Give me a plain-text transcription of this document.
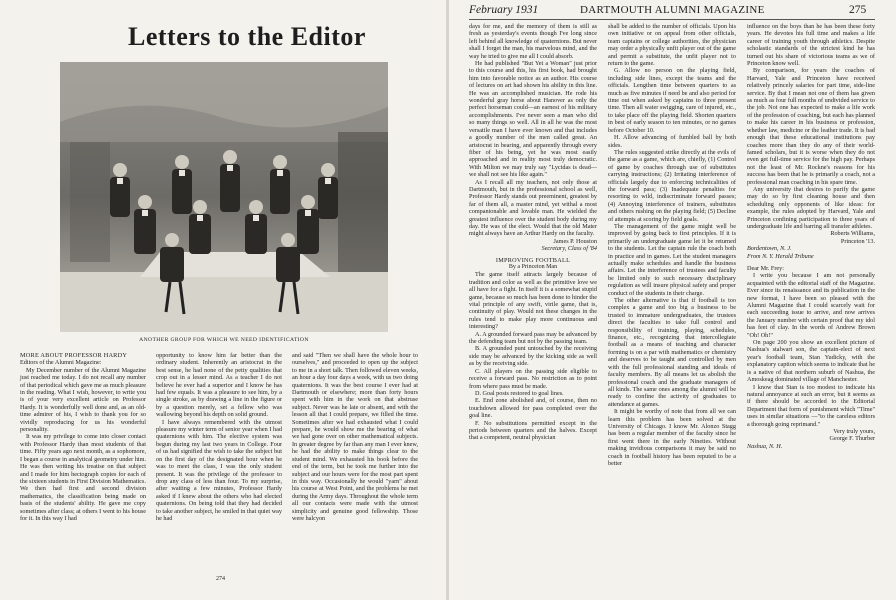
Letters to the Editor
ANOTHER GROUP FOR WHICH WE NEED IDENTIFICATION

MORE ABOUT PROFESSOR HARDY

Editors of the Alumni Magazine:

My December number of the Alumni Magazine just reached me today. I do not recall any number of that periodical which gave me as much pleasure in the reading. What I wish, however, to write you is of your very excellent article on Professor Hardy. It is wonderfully well done and, as an old-time admirer of his, I wish to thank you for so vividly reproducing for us his wonderful personality.

It was my privilege to come into closer contact with Professor Hardy than most students of that time. Fifty years ago next month, as a sophomore, I began a course in analytical geometry under him. He was then writing his treatise on that subject and I made for him hectograph copies for each of the sixteen students in First Division Mathematics. We then had first and second division mathematics, the classification being made on basis of the students' ability. He gave me copy sometimes after class; at others I went to his house for it. In this way I had

opportunity to know him far better than the ordinary student. Inherently an aristocrat in the best sense, he had none of the petty qualities that crop out in a lesser mind. As a teacher I do not believe he ever had a superior and I know he has had few equals. It was a pleasure to see him, by a single stroke, as by drawing a line in the figure or by a question merely, set a fellow who was wallowing beyond his depth on solid ground.

I have always remembered with the utmost pleasure my winter term of senior year when I had quaternions with him. The elective system was begun during my last two years in College. Four of us had signified the wish to take the subject but on the first day of the designated hour when he was to meet the class, I was the only student present. It was the privilege of the professor to drop any class of less than four. To my surprise, after waiting a few minutes, Professor Hardy asked if I knew about the others who had elected quaternions. On being told that they had decided to take another subject, he smiled in that quiet way he had

and said "Then we shall have the whole hour to ourselves," and proceeded to open up the subject to me in a short talk. Then followed eleven weeks, an hour a day four days a week, with us two doing quaternions. It was the best course I ever had at Dartmouth or elsewhere; more than forty hours spent with him in the work on that abstruse subject. Never was he late or absent, and with the lesson all that I could prepare, we filled the time. Sometimes after we had exhausted what I could prepare, he would show me the bearing of what we had gone over on other mathematical subjects. In greater degree by far than any man I ever knew, he had the ability to make things clear to the student mind. We exhausted his book before the end of the term, but he took me further into the subject and our hours were for the most part spent in this way. Occasionally he would "yarn" about his course at West Point, and the problems he met during the Army days. Throughout the whole term all our contacts were made with the utmost simplicity and genuine good fellowship. Those were halcyon

274
February 1931	DARTMOUTH ALUMNI MAGAZINE	275

days for me, and the memory of them is still as fresh as yesterday's events though I've long since left behind all knowledge of quaternions. But never shall I forget the man, his marvelous mind, and the way he tried to give me all I could absorb.

He had published "But Yet a Woman" just prior to this course and this, his first book, had brought him into favorable notice as an author. His course of lectures on art had shown his ability in this line. He was an accomplished musician. He rode his wonderful gray horse about Hanover as only the perfect horseman could—an earnest of his military accomplishments. I've never seen a man who did so many things so well. All in all he was the most versatile man I have ever known and that includes a goodly number of the men called great. An aristocrat in bearing, and apparently through every fiber of his being, yet he was most easily approached and in reality most truly democratic. With Milton we may truly say "Lycidas is dead—we shall not see his like again."

As I recall all my teachers, not only those at Dartmouth, but in the professional school as well, Professor Hardy stands out preeminent, greatest by far of them all, a master mind, yet withal a most companionable and lovable man. He wielded the greatest influence over the student body during my day. He was of the elect. Would that the old Mater might always have an Arthur Hardy on the faculty.

James P. Houston

Secretary, Class of '84

IMPROVING FOOTBALL

By a Princeton Man

The game itself attracts largely because of tradition and color as well as the primitive love we all have for a fight. In itself it is a somewhat stupid game, because so much has been done to hinder the vital principle of any swift, virile game, that is, continuity of play. Would not these changes in the rules tend to make play more continuous and interesting?

A. A grounded forward pass may be advanced by the defending team but not by the passing team.

B. A grounded punt untouched by the receiving side may be advanced by the kicking side as well as by the receiving side.

C. All players on the passing side eligible to receive a forward pass. No restriction as to point from where pass must be made.

D. Goal posts restored to goal lines.

E. End zone abolished and, of course, then no touchdown allowed for pass completed over the goal line.

F. No substitutions permitted except in the periods between quarters and the halves. Except that a competent, neutral physician

shall be added to the number of officials. Upon his own initiative or on appeal from other officials, team captains or college authorities, the physician may order a physically unfit player out of the game and permit a substitute, the unfit player not to return to the game.

G. Allow no person on the playing field, including side lines, except the teams and the officials. Lengthen time between quarters to as much as five minutes if need be and also period for time out when asked by captains to three present time. Then all water swigging, care of injured, etc., to take place off the playing field. Shorten quarters in best of early season to ten minutes, or no games before October 10.

H. Allow advancing of fumbled ball by both sides.

The rules suggested strike directly at the evils of the game as a game, which are, chiefly, (1) Control of game by coaches through use of substitutes carrying instructions; (2) Irritating interference of officials largely due to enforcing technicalities of the forward pass; (3) Inadequate penalties for resorting to wild, indiscriminate forward passes; (4) Annoying interference of trainers, substitutes and others rushing on the playing field; (5) Decline of attempts at scoring by field goals.

The management of the game might well be improved by going back to first principles. If it is primarily an undergraduate game let it be returned to the students. Let the captain rule the coach both in practice and in games. Let the student managers actually make schedules and handle the business affairs. Let the interference of trustees and faculty be limited only to such necessary disciplinary regulation as will insure physical safety and proper conduct of the students in their charge.

The other alternative is that if football is too complex a game and too big a business to be trusted to immature undergraduates, the trustees direct the faculties to take full control and responsibility of training, playing, schedules, finance, etc., recognizing that intercollegiate football as a means of teaching and character forming is on a par with mathematics or chemistry and deserves to be taught and controlled by men with the full professional standing and ideals of faculty members. By all means let us abolish the professional coach and the graduate managers of all kinds. The same ones among the alumni will be ready to confine the activity of graduates to attendance at games.

It might be worthy of note that from all we can learn this problem has been solved at the University of Chicago. I know Mr. Alonzo Stagg has been a regular member of the faculty since he first went there in the early Nineties. Without making invidious comparisons it may be said no coach in football history has been reputed to be a better

influence on the boys than he has been these forty years. He devotes his full time and makes a life career of training youth through athletics. Despite scholastic standards of the strictest kind he has turned out his share of victorious teams as we of Princeton know well.

By comparison, for years the coaches of Harvard, Yale and Princeton have received relatively princely salaries for part time, side-line service. By that I mean not one of them has given as much as four full months of undivided service to the job. Not one has expected to make a life work of the profession of coaching, but each has planned to make his career in his business or profession, whether law, medicine or the leather trade. It is bad enough that these educational institutions pay coaches more than they do any of their world-famed scholars, but it is worse when they do not even get full-time service for the high pay. Perhaps not the least of Mr. Rockne's reasons for his success has been that he is primarily a coach, not a professional man coaching in his spare time.

Any university that desires to purify the game may do so by first cleaning house and then scheduling only opponents of like ideas: for example, the rules adopted by Harvard, Yale and Princeton confining participation to three years of undergraduate life and barring all transfer athletes.

Roberts Williams,

Princeton '13.

Bordentown, N. J.

From N. Y. Herald Tribune

Dear Mr. Frey:

I write you because I am not personally acquainted with the editorial staff of the Magazine. Ever since its renaissance and its publication in the new format, I have been so pleased with the Alumni Magazine that I could scarcely wait for each succeeding issue to arrive, and now arrives the January number with certain proof that my idol has feet of clay. In the words of Andrew Brown "Oh! Oh!"

On page 200 you show an excellent picture of Nashua's stalwart son, the captain-elect of next year's football team, Stan Yudicky, with the explanatory caption which seems to indicate that he is a native of that northern suburb of Nashua, the Amoskeag dominated village of Manchester.

I know that Stan is too modest to indicate his natural annoyance at such an error, but it seems as if there should be accorded to the Editorial Department that form of punishment which "Time" uses in similar situations —"to the careless editors a thorough going reprimand."

Very truly yours,

George F. Thurber

Nashua, N. H.
